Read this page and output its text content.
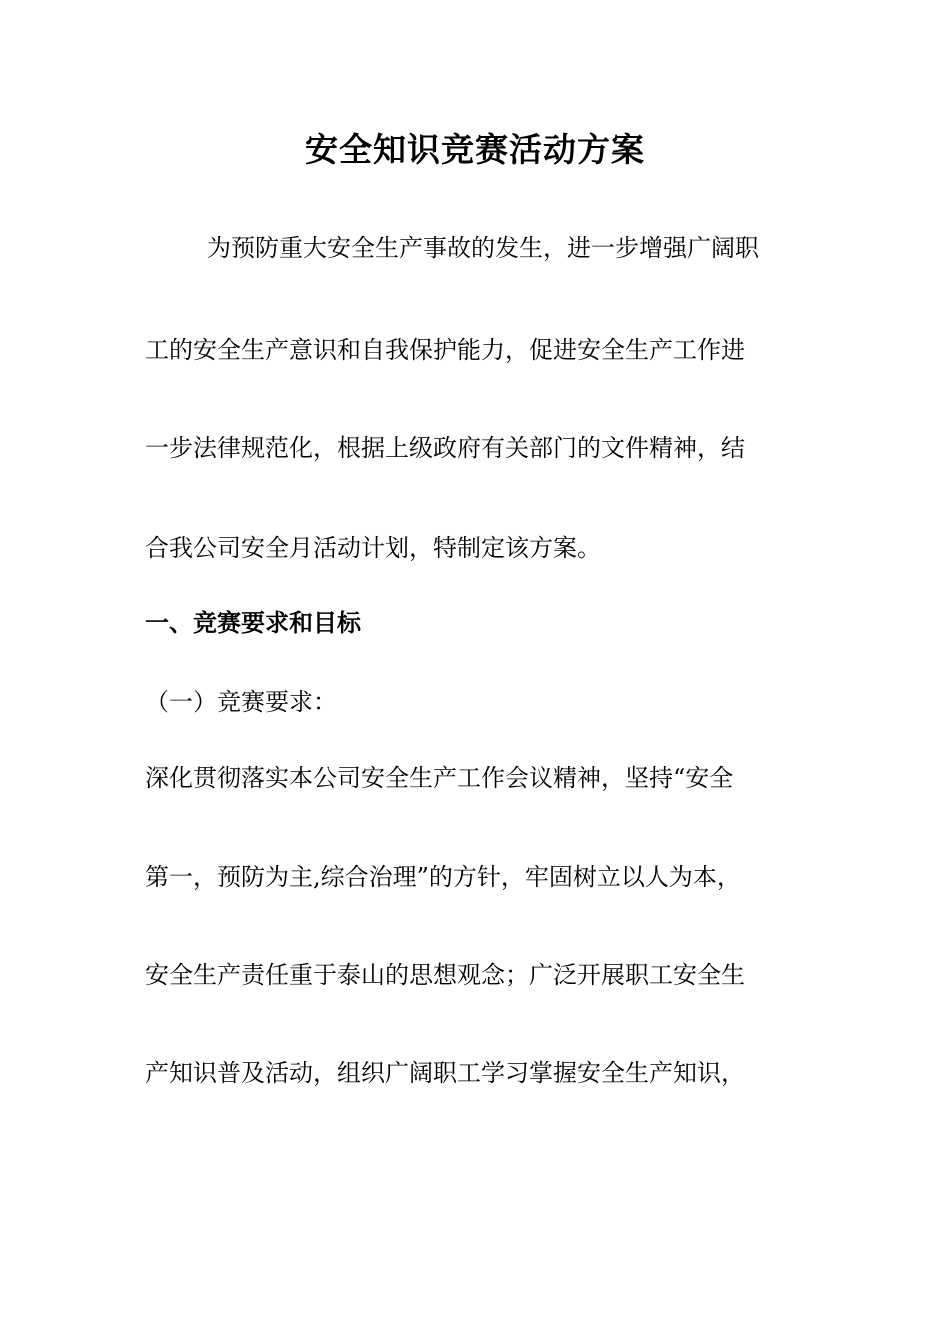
安全知识竞赛活动方案
为预防重大安全生产事故的发生，进一步增强广阔职
工的安全生产意识和自我保护能力，促进安全生产工作进
一步法律规范化，根据上级政府有关部门的文件精神，结
合我公司安全月活动计划，特制定该方案。
一、竞赛要求和目标
（一）竞赛要求：
深化贯彻落实本公司安全生产工作会议精神，坚持“安全
第一，预防为主,综合治理”的方针，牢固树立以人为本，
安全生产责任重于泰山的思想观念；广泛开展职工安全生
产知识普及活动，组织广阔职工学习掌握安全生产知识，
